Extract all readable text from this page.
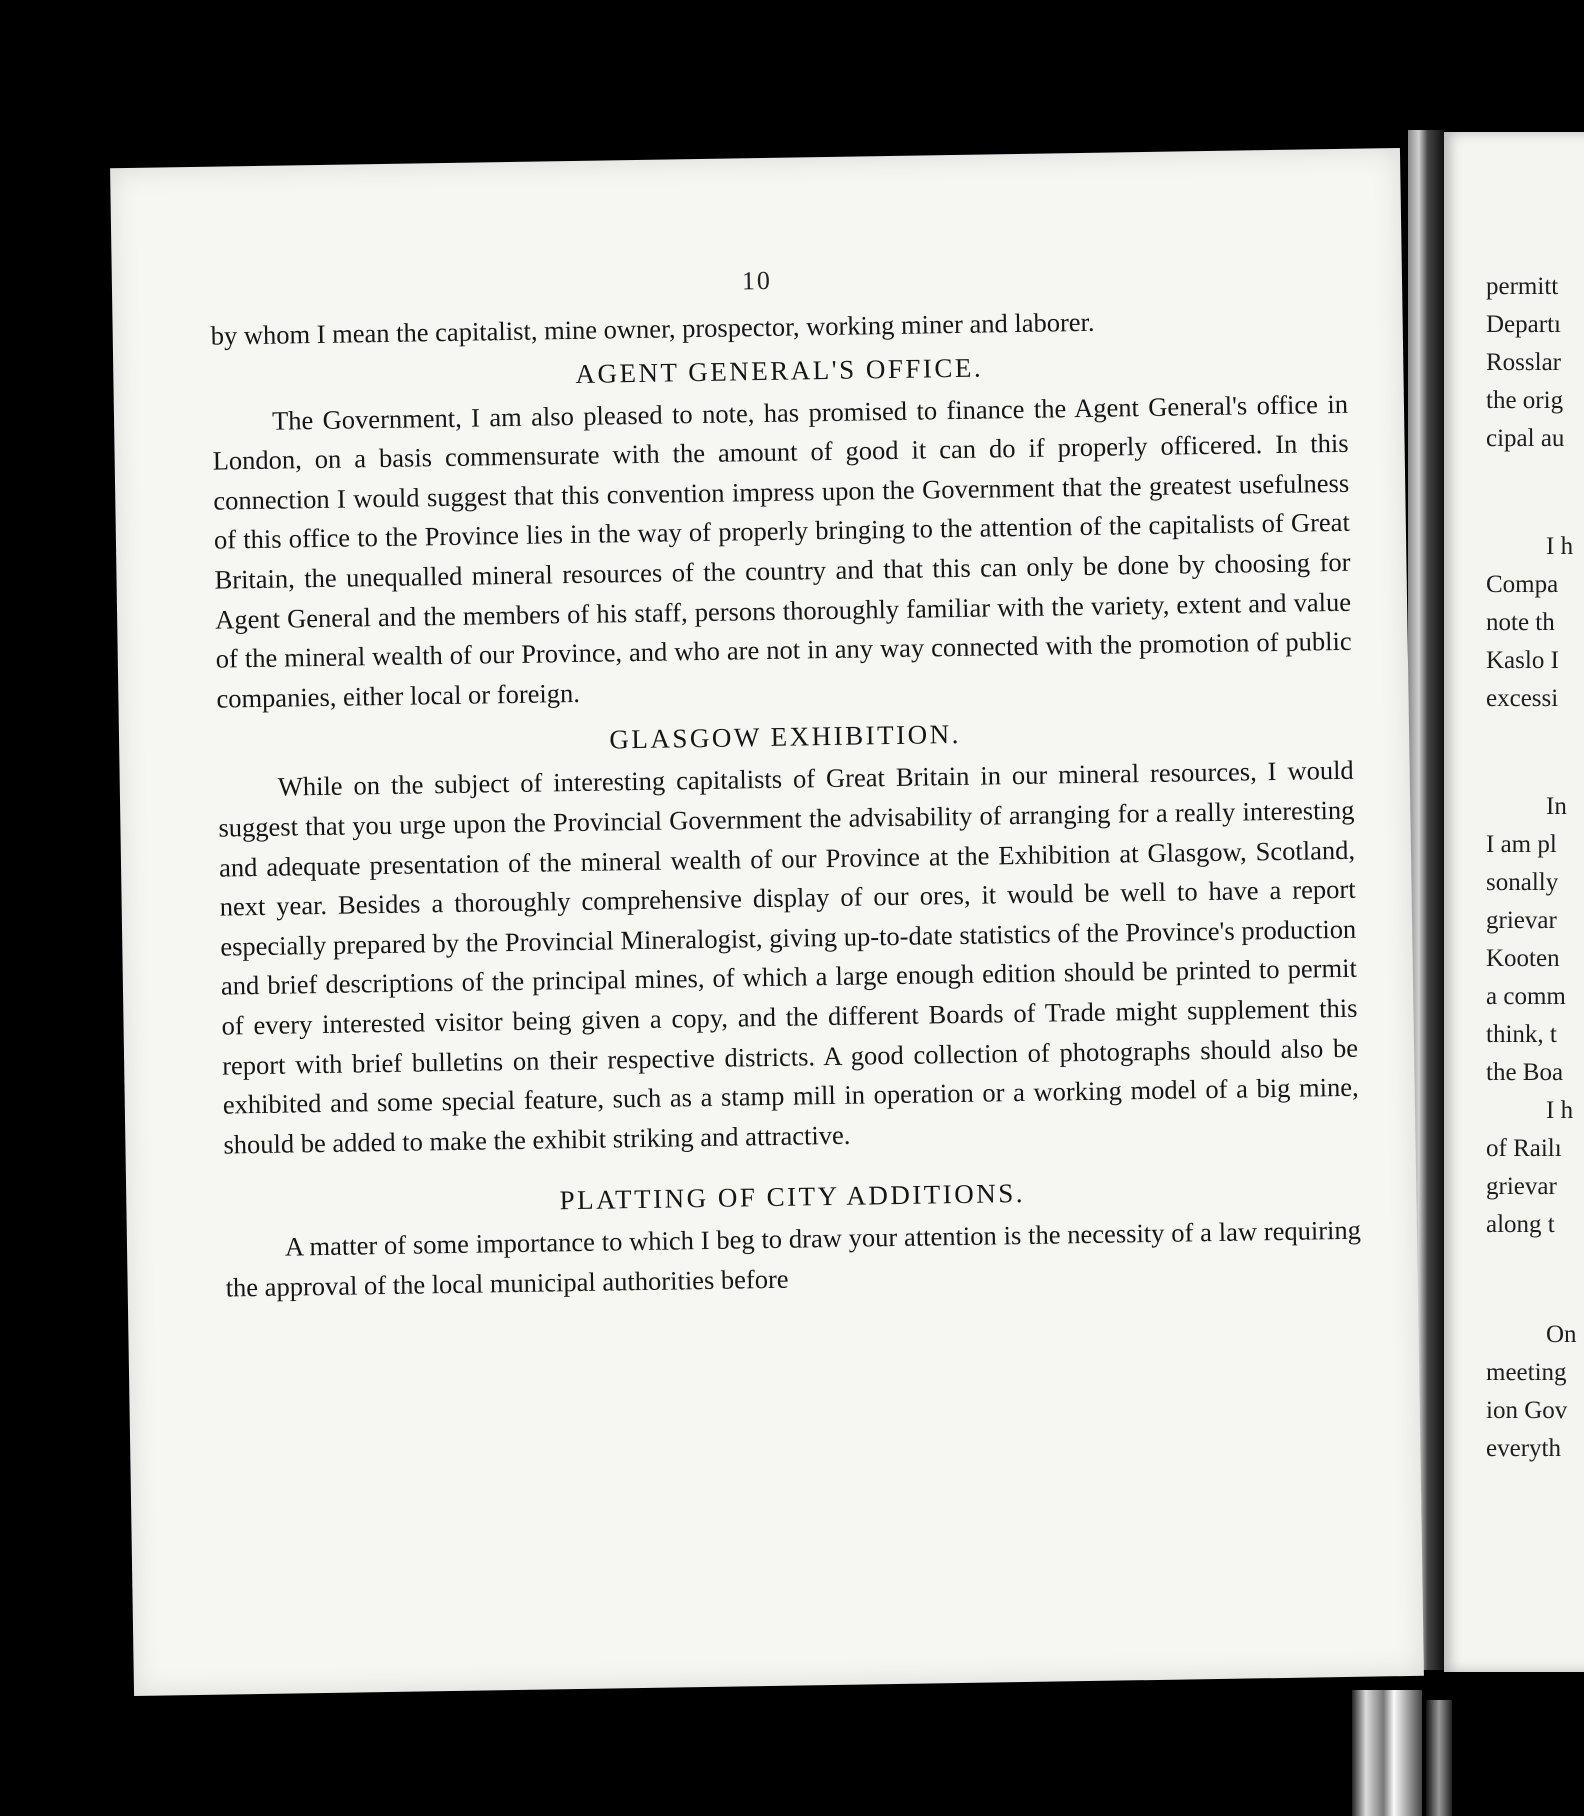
permitt
Departı
Rosslar
the orig
cipal au
I h
Compa
note th
Kaslo I
excessi
In
I am pl
sonally
grievar
Kooten
a comm
think, t
the Boa
I h
of Railı
grievar
along t
On
meeting
ion Gov
everyth
10

by whom I mean the capitalist, mine owner, prospector, working miner and laborer.

AGENT GENERAL'S OFFICE.

The Government, I am also pleased to note, has promised to finance the Agent General's office in London, on a basis commensurate with the amount of good it can do if properly officered. In this connection I would suggest that this convention impress upon the Government that the greatest usefulness of this office to the Province lies in the way of properly bringing to the attention of the capitalists of Great Britain, the unequalled mineral resources of the country and that this can only be done by choosing for Agent General and the members of his staff, persons thoroughly familiar with the variety, extent and value of the mineral wealth of our Province, and who are not in any way connected with the promotion of public companies, either local or foreign.

GLASGOW EXHIBITION.

While on the subject of interesting capitalists of Great Britain in our mineral resources, I would suggest that you urge upon the Provincial Government the advisability of arranging for a really interesting and adequate presentation of the mineral wealth of our Province at the Exhibition at Glasgow, Scotland, next year. Besides a thoroughly comprehensive display of our ores, it would be well to have a report especially prepared by the Provincial Mineralogist, giving up-to-date statistics of the Province's production and brief descriptions of the principal mines, of which a large enough edition should be printed to permit of every interested visitor being given a copy, and the different Boards of Trade might supplement this report with brief bulletins on their respective districts. A good collection of photographs should also be exhibited and some special feature, such as a stamp mill in operation or a working model of a big mine, should be added to make the exhibit striking and attractive.

PLATTING OF CITY ADDITIONS.

A matter of some importance to which I beg to draw your attention is the necessity of a law requiring the approval of the local municipal authorities before
